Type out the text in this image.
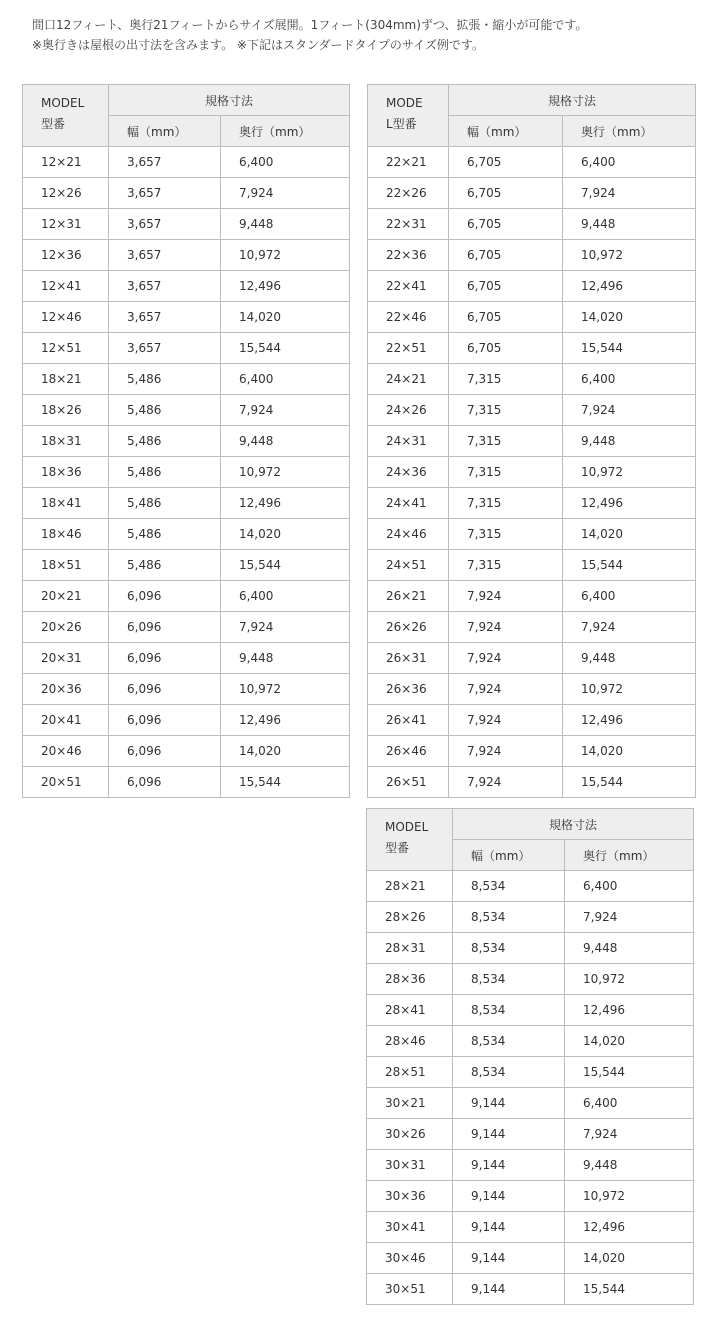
間口12フィート、奥行21フィートからサイズ展開。1フィート(304mm)ずつ、拡張・縮小が可能です。
※奥行きは屋根の出寸法を含みます。 ※下記はスタンダードタイプのサイズ例です。
MODEL
型番	規格寸法	
	幅（mm）	奥行（mm）
12×21	3,657	6,400
12×26	3,657	7,924
12×31	3,657	9,448
12×36	3,657	10,972
12×41	3,657	12,496
12×46	3,657	14,020
12×51	3,657	15,544
18×21	5,486	6,400
18×26	5,486	7,924
18×31	5,486	9,448
18×36	5,486	10,972
18×41	5,486	12,496
18×46	5,486	14,020
18×51	5,486	15,544
20×21	6,096	6,400
20×26	6,096	7,924
20×31	6,096	9,448
20×36	6,096	10,972
20×41	6,096	12,496
20×46	6,096	14,020
20×51	6,096	15,544
MODE
L型番	規格寸法	
	幅（mm）	奥行（mm）
22×21	6,705	6,400
22×26	6,705	7,924
22×31	6,705	9,448
22×36	6,705	10,972
22×41	6,705	12,496
22×46	6,705	14,020
22×51	6,705	15,544
24×21	7,315	6,400
24×26	7,315	7,924
24×31	7,315	9,448
24×36	7,315	10,972
24×41	7,315	12,496
24×46	7,315	14,020
24×51	7,315	15,544
26×21	7,924	6,400
26×26	7,924	7,924
26×31	7,924	9,448
26×36	7,924	10,972
26×41	7,924	12,496
26×46	7,924	14,020
26×51	7,924	15,544
MODEL
型番	規格寸法	
	幅（mm）	奥行（mm）
28×21	8,534	6,400
28×26	8,534	7,924
28×31	8,534	9,448
28×36	8,534	10,972
28×41	8,534	12,496
28×46	8,534	14,020
28×51	8,534	15,544
30×21	9,144	6,400
30×26	9,144	7,924
30×31	9,144	9,448
30×36	9,144	10,972
30×41	9,144	12,496
30×46	9,144	14,020
30×51	9,144	15,544
